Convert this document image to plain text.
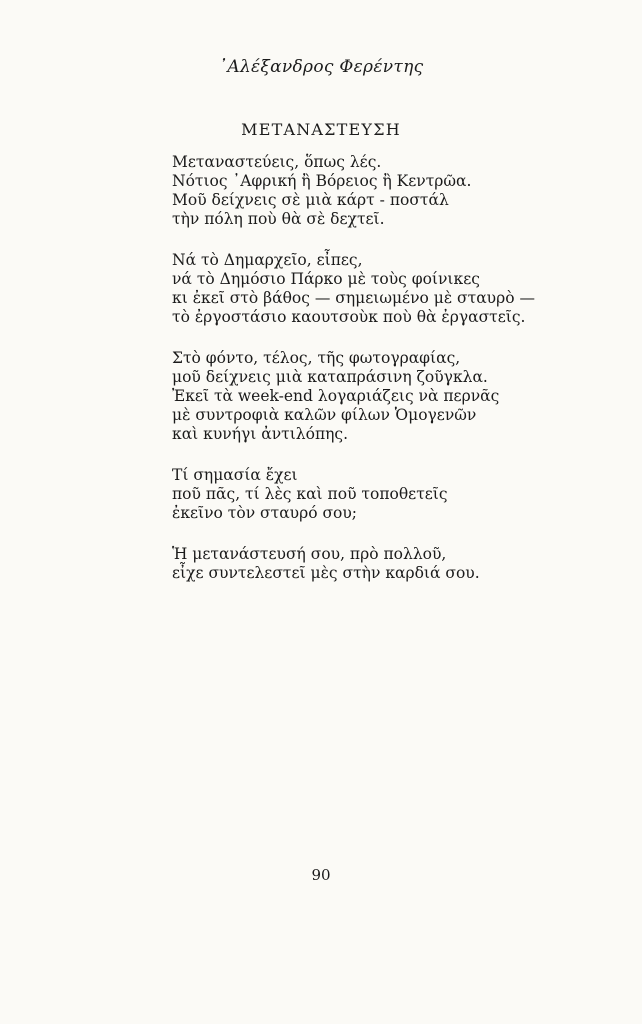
᾿Αλέξανδρος Φερέντης
ΜΕΤΑΝΑΣΤΕΥΣΗ
Μεταναστεύεις, ὅπως λές.
Νότιος ᾿Αφρική ἢ Βόρειος ἢ Κεντρῶα.
Μοῦ δείχνεις σὲ μιὰ κάρτ - ποστάλ
τὴν πόλη ποὺ θὰ σὲ δεχτεῖ.
Νά τὸ Δημαρχεῖο, εἶπες,
νά τὸ Δημόσιο Πάρκο μὲ τοὺς φοίνικες
κι ἐκεῖ στὸ βάθος — σημειωμένο μὲ σταυρὸ —
τὸ ἐργοστάσιο καουτσοὺκ ποὺ θὰ ἐργαστεῖς.
Στὸ φόντο, τέλος, τῆς φωτογραφίας,
μοῦ δείχνεις μιὰ καταπράσινη ζοῦγκλα.
Ἐκεῖ τὰ week-end λογαριάζεις νὰ περνᾶς
μὲ συντροφιὰ καλῶν φίλων Ὁμογενῶν
καὶ κυνήγι ἀντιλόπης.
Τί σημασία ἔχει
ποῦ πᾶς, τί λὲς καὶ ποῦ τοποθετεῖς
ἐκεῖνο τὸν σταυρό σου;
Ἡ μετανάστευσή σου, πρὸ πολλοῦ,
εἶχε συντελεστεῖ μὲς στὴν καρδιά σου.
90
